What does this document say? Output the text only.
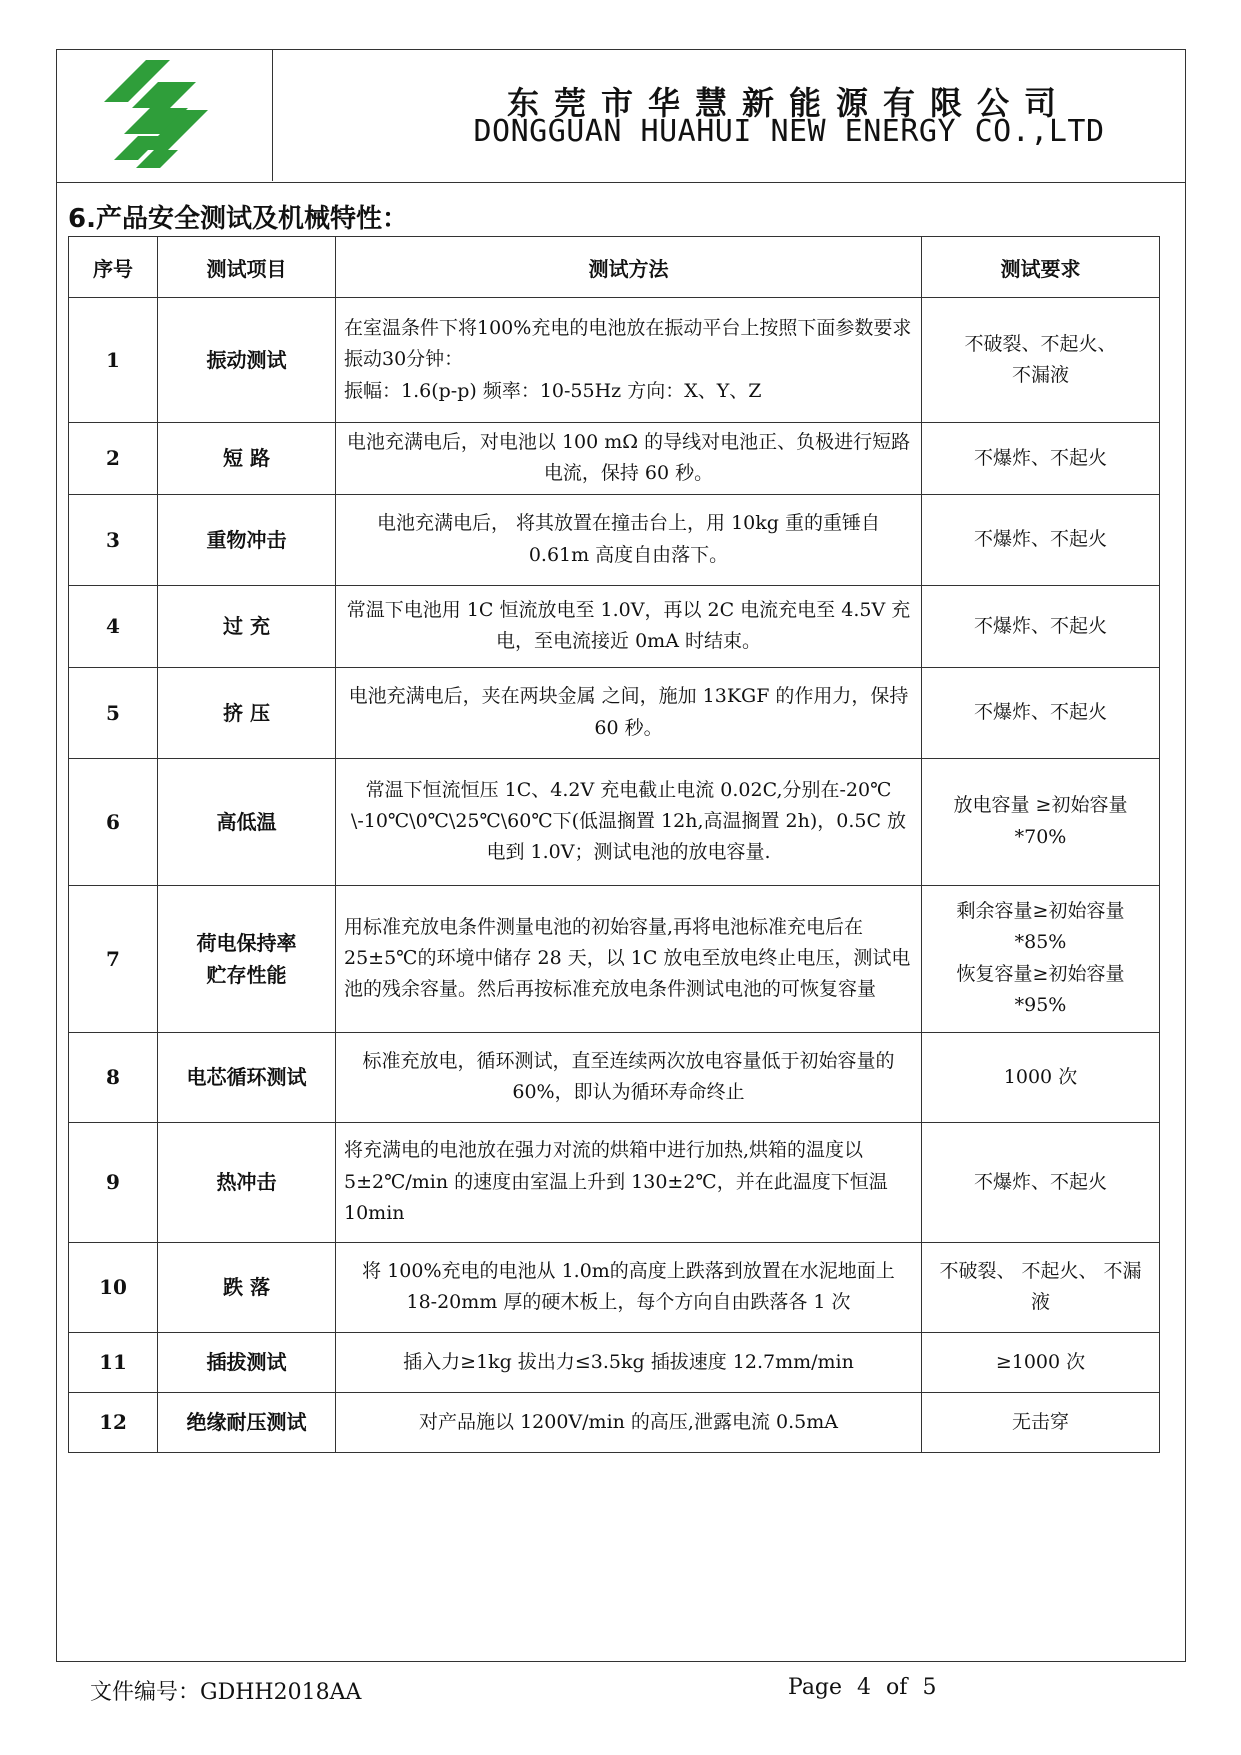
东莞市华慧新能源有限公司
DONGGUAN HUAHUI NEW ENERGY CO.,LTD
6.产品安全测试及机械特性：
序号	测试项目	测试方法	测试要求
1	振动测试	在室温条件下将100%充电的电池放在振动平台上按照下面参数要求振动30分钟：
振幅：1.6(p-p) 频率：10-55Hz 方向：X、Y、Z	不破裂、不起火、
不漏液
2	短 路	电池充满电后，对电池以 100 mΩ 的导线对电池正、负极进行短路电流，保持 60 秒。	不爆炸、不起火
3	重物冲击	电池充满电后， 将其放置在撞击台上，用 10kg 重的重锤自 0.61m 高度自由落下。	不爆炸、不起火
4	过 充	常温下电池用 1C 恒流放电至 1.0V，再以 2C 电流充电至 4.5V 充电，至电流接近 0mA 时结束。	不爆炸、不起火
5	挤 压	电池充满电后，夹在两块金属 之间，施加 13KGF 的作用力，保持 60 秒。	不爆炸、不起火
6	高低温	常温下恒流恒压 1C、4.2V 充电截止电流 0.02C,分别在-20℃\-10℃\0℃\25℃\60℃下(低温搁置 12h,高温搁置 2h)，0.5C 放电到 1.0V；测试电池的放电容量.	放电容量 ≥初始容量
*70%
7	荷电保持率
贮存性能	用标准充放电条件测量电池的初始容量,再将电池标准充电后在 25±5℃的环境中储存 28 天，以 1C 放电至放电终止电压，测试电池的残余容量。然后再按标准充放电条件测试电池的可恢复容量	剩余容量≥初始容量
*85%
恢复容量≥初始容量
*95%
8	电芯循环测试	标准充放电，循环测试，直至连续两次放电容量低于初始容量的 60%，即认为循环寿命终止	1000 次
9	热冲击	将充满电的电池放在强力对流的烘箱中进行加热,烘箱的温度以 5±2℃/min 的速度由室温上升到 130±2℃，并在此温度下恒温 10min	不爆炸、不起火
10	跌 落	将 100%充电的电池从 1.0m的高度上跌落到放置在水泥地面上 18-20mm 厚的硬木板上，每个方向自由跌落各 1 次	不破裂、 不起火、 不漏液
11	插拔测试	插入力≥1kg 拔出力≤3.5kg 插拔速度 12.7mm/min	≥1000 次
12	绝缘耐压测试	对产品施以 1200V/min 的高压,泄露电流 0.5mA	无击穿
文件编号：GDHH2018AA	Page 4 of 5
